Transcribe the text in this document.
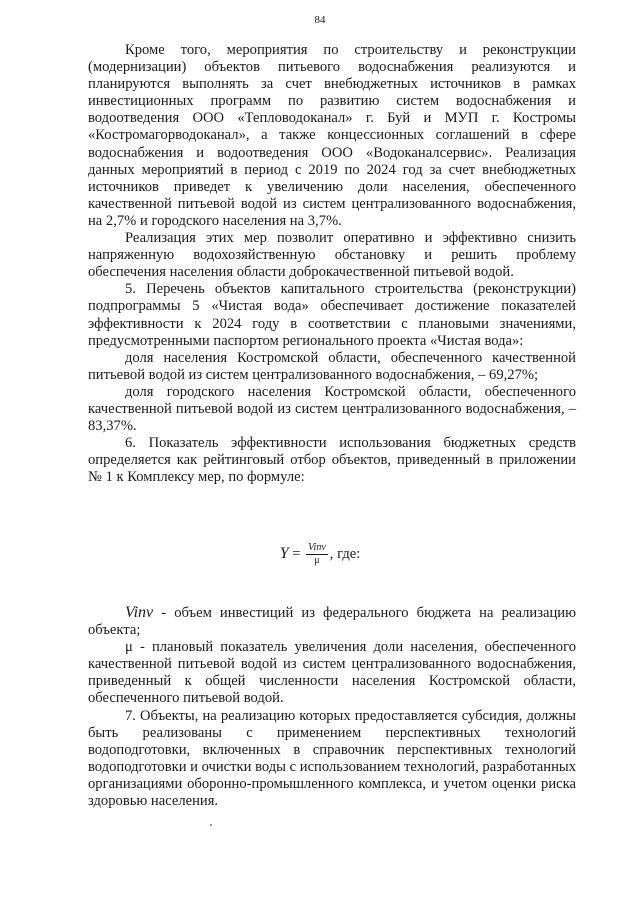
84

Кроме того, мероприятия по строительству и реконструкции (модернизации) объектов питьевого водоснабжения реализуются и планируются выполнять за счет внебюджетных источников в рамках инвестиционных программ по развитию систем водоснабжения и водоотведения ООО «Тепловодоканал» г. Буй и МУП г. Костромы «Костромагорводоканал», а также концессионных соглашений в сфере водоснабжения и водоотведения ООО «Водоканалсервис». Реализация данных мероприятий в период с 2019 по 2024 год за счет внебюджетных источников приведет к увеличению доли населения, обеспеченного качественной питьевой водой из систем централизованного водоснабжения, на 2,7% и городского населения на 3,7%.

Реализация этих мер позволит оперативно и эффективно снизить напряженную водохозяйственную обстановку и решить проблему обеспечения населения области доброкачественной питьевой водой.

5. Перечень объектов капитального строительства (реконструкции) подпрограммы 5 «Чистая вода» обеспечивает достижение показателей эффективности к 2024 году в соответствии с плановыми значениями, предусмотренными паспортом регионального проекта «Чистая вода»:

доля населения Костромской области, обеспеченного качественной питьевой водой из систем централизованного водоснабжения, – 69,27%;

доля городского населения Костромской области, обеспеченного качественной питьевой водой из систем централизованного водоснабжения, – 83,37%.

6. Показатель эффективности использования бюджетных средств определяется как рейтинговый отбор объектов, приведенный в приложении № 1 к Комплексу мер, по формуле:

$Y = \frac{\text{Vinv}}{\mu}$ , где:

Vinv - объем инвестиций из федерального бюджета на реализацию объекта;

μ - плановый показатель увеличения доли населения, обеспеченного качественной питьевой водой из систем централизованного водоснабжения, приведенный к общей численности населения Костромской области, обеспеченного питьевой водой.

7. Объекты, на реализацию которых предоставляется субсидия, должны быть реализованы с применением перспективных технологий водоподготовки, включенных в справочник перспективных технологий водоподготовки и очистки воды с использованием технологий, разработанных организациями оборонно-промышленного комплекса, и учетом оценки риска здоровью населения.
